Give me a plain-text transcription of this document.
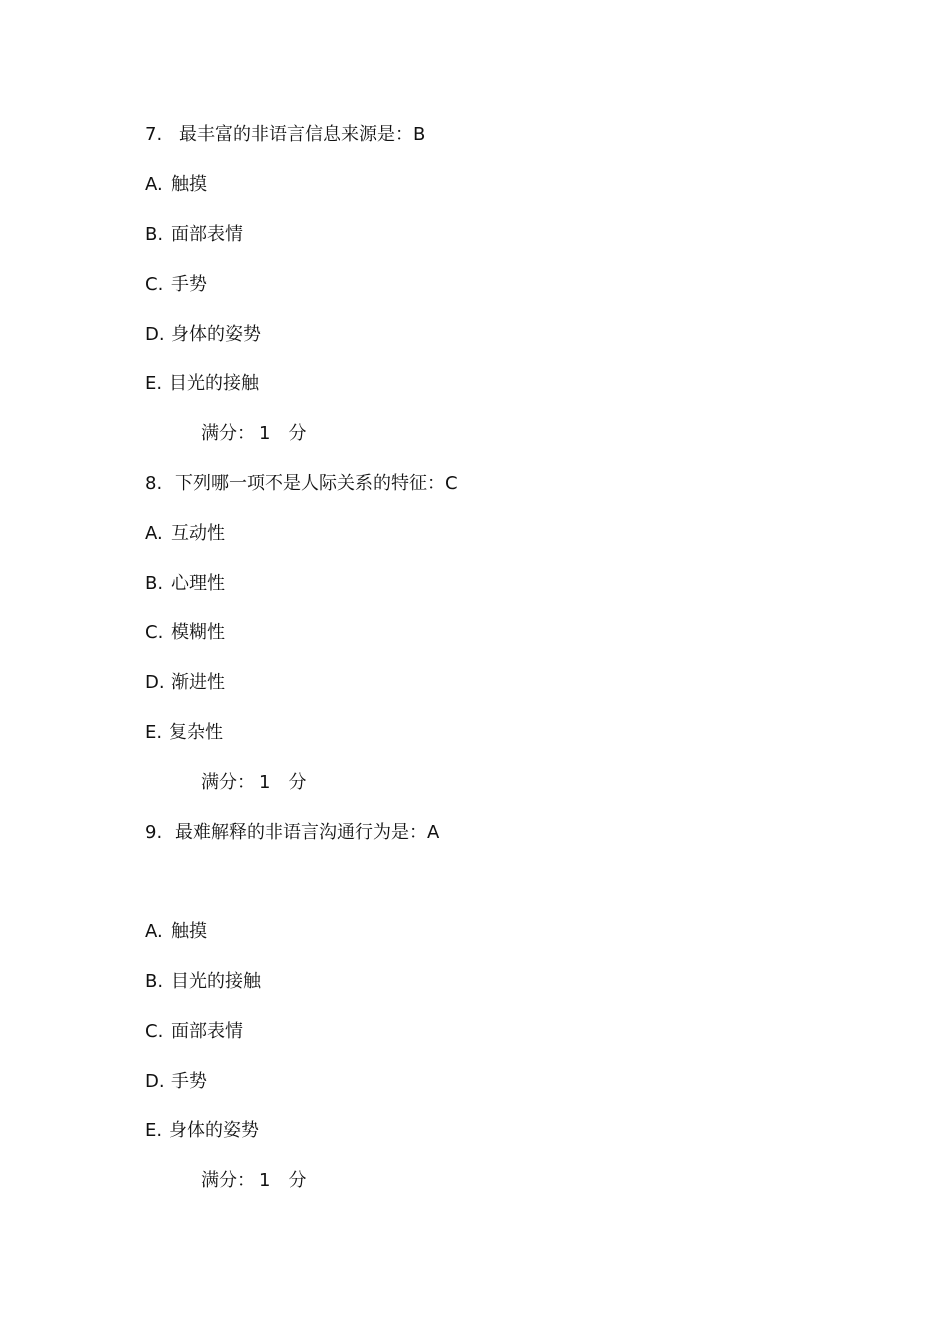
7. 最丰富的非语言信息来源是：B
A. 触摸
B. 面部表情
C. 手势
D. 身体的姿势
E. 目光的接触
满分： 1 分
8. 下列哪一项不是人际关系的特征：C
A. 互动性
B. 心理性
C. 模糊性
D. 渐进性
E. 复杂性
满分： 1 分
9. 最难解释的非语言沟通行为是：A
A. 触摸
B. 目光的接触
C. 面部表情
D. 手势
E. 身体的姿势
满分： 1 分
